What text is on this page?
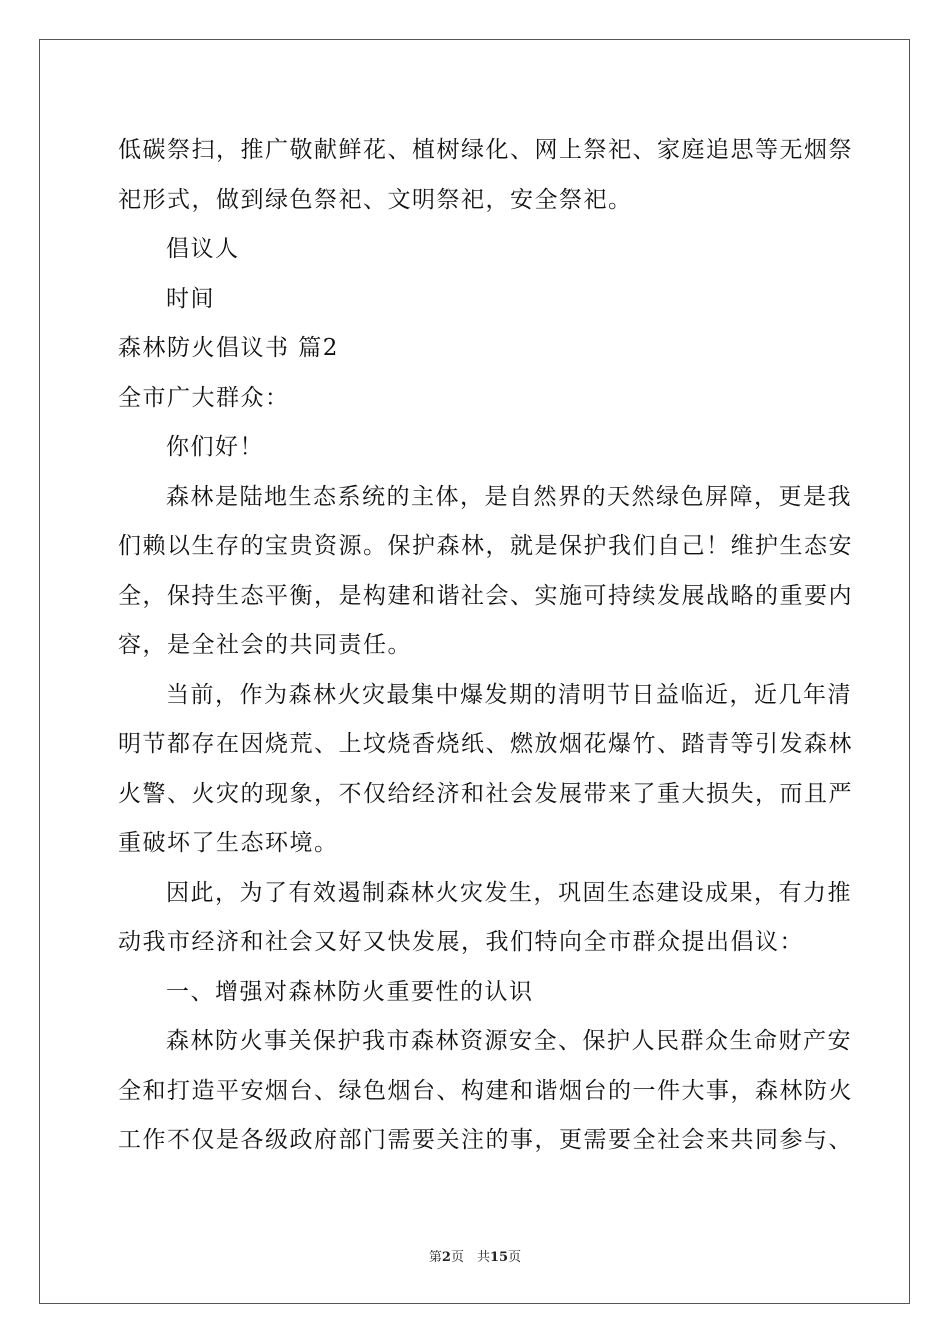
低碳祭扫，推广敬献鲜花、植树绿化、网上祭祀、家庭追思等无烟祭
祀形式，做到绿色祭祀、文明祭祀，安全祭祀。
倡议人
时间
森林防火倡议书 篇2
全市广大群众：
你们好！
森林是陆地生态系统的主体，是自然界的天然绿色屏障，更是我
们赖以生存的宝贵资源。保护森林，就是保护我们自己！维护生态安
全，保持生态平衡，是构建和谐社会、实施可持续发展战略的重要内
容，是全社会的共同责任。
当前，作为森林火灾最集中爆发期的清明节日益临近，近几年清
明节都存在因烧荒、上坟烧香烧纸、燃放烟花爆竹、踏青等引发森林
火警、火灾的现象，不仅给经济和社会发展带来了重大损失，而且严
重破坏了生态环境。
因此，为了有效遏制森林火灾发生，巩固生态建设成果，有力推
动我市经济和社会又好又快发展，我们特向全市群众提出倡议：
一、增强对森林防火重要性的认识
森林防火事关保护我市森林资源安全、保护人民群众生命财产安
全和打造平安烟台、绿色烟台、构建和谐烟台的一件大事，森林防火
工作不仅是各级政府部门需要关注的事，更需要全社会来共同参与、
第2页　共15页
